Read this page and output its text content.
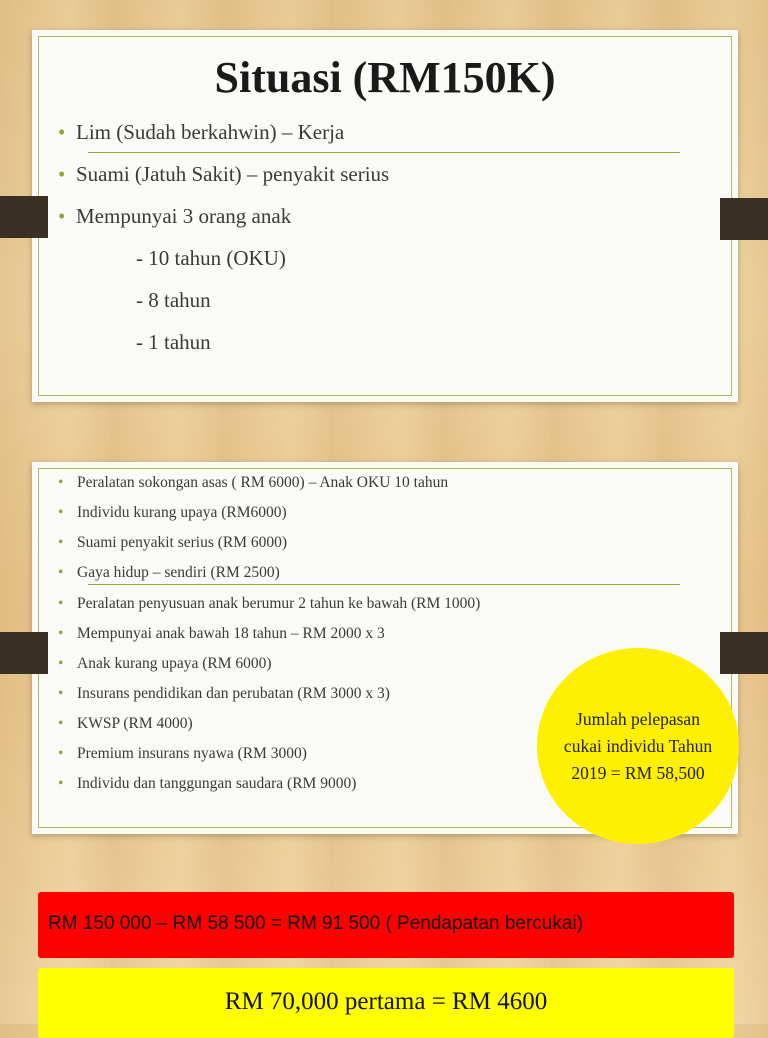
Situasi (RM150K)
• Lim (Sudah berkahwin) – Kerja
• Suami (Jatuh Sakit) – penyakit serius
• Mempunyai 3 orang anak
- 10 tahun (OKU)
- 8 tahun
- 1 tahun
• Peralatan sokongan asas ( RM 6000) – Anak OKU 10 tahun
• Individu kurang upaya (RM6000)
• Suami penyakit serius (RM 6000)
• Gaya hidup – sendiri (RM 2500)
• Peralatan penyusuan anak berumur 2 tahun ke bawah (RM 1000)
• Mempunyai anak bawah 18 tahun – RM 2000 x 3
• Anak kurang upaya (RM 6000)
• Insurans pendidikan dan perubatan (RM 3000 x 3)
• KWSP (RM 4000)
• Premium insurans nyawa (RM 3000)
• Individu dan tanggungan saudara (RM 9000)
Jumlah pelepasan cukai individu Tahun 2019 = RM 58,500
RM 150 000 – RM 58 500 = RM 91 500 ( Pendapatan bercukai)
RM 70,000 pertama = RM 4600
